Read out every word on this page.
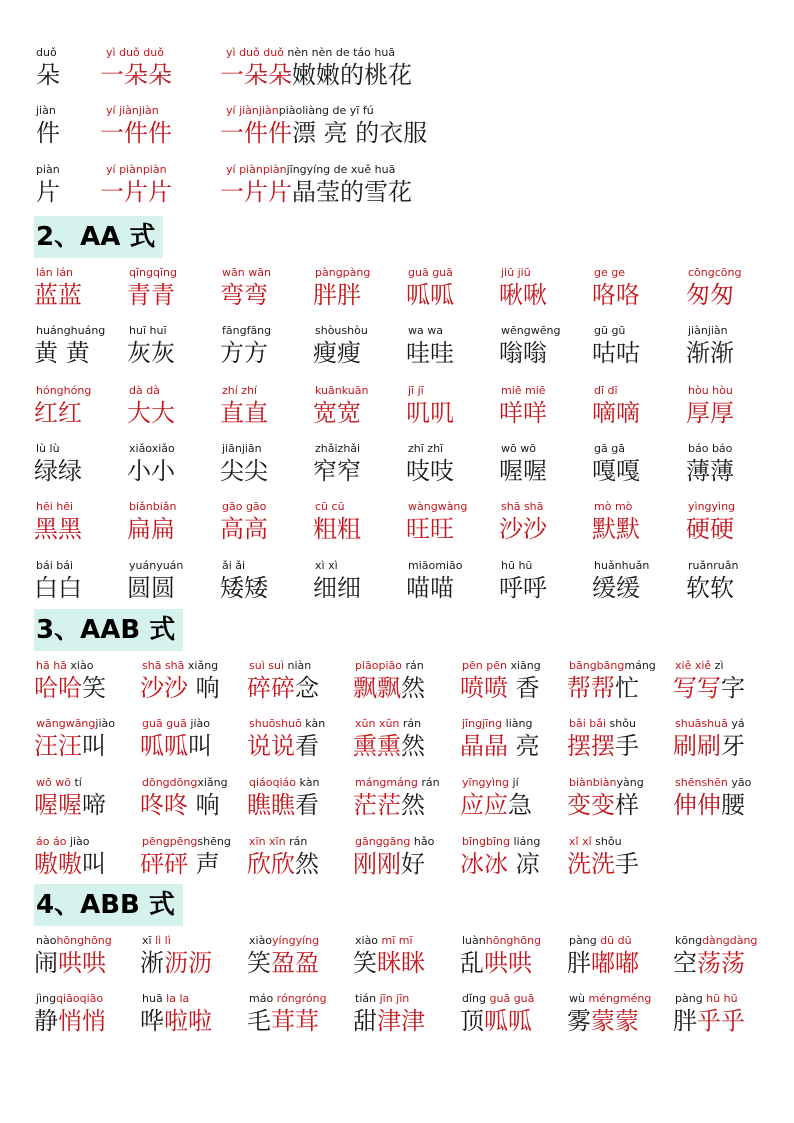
duǒ
朵
yì duǒ duǒ
一朵朵
yì duǒ duǒ nèn nèn de táo huā
一朵朵嫩嫩的桃花
jiàn
件
yí jiànjiàn
一件件
yí jiànjiànpiàoliàng de yī fú
一件件漂 亮 的衣服
piàn
片
yí piànpiàn
一片片
yí piànpiànjīngyíng de xuě huā
一片片晶莹的雪花
2、AA 式
lán lán
蓝蓝
qīngqīng
青青
wān wān
弯弯
pàngpàng
胖胖
guā guā
呱呱
jiū jiū
啾啾
ge ge
咯咯
cōngcōng
匆匆
huánghuáng
黄 黄
huī huī
灰灰
fāngfāng
方方
shòushòu
瘦瘦
wa wa
哇哇
wēngwēng
嗡嗡
gū gū
咕咕
jiànjiàn
渐渐
hónghóng
红红
dà dà
大大
zhí zhí
直直
kuānkuān
宽宽
jī jī
叽叽
miē miē
咩咩
dī dī
嘀嘀
hòu hòu
厚厚
lù lù
绿绿
xiǎoxiǎo
小小
jiānjiān
尖尖
zhǎizhǎi
窄窄
zhī zhī
吱吱
wō wō
喔喔
gā gā
嘎嘎
báo báo
薄薄
hēi hēi
黑黑
biǎnbiǎn
扁扁
gāo gāo
高高
cū cū
粗粗
wàngwàng
旺旺
shā shā
沙沙
mò mò
默默
yìngyìng
硬硬
bái bái
白白
yuányuán
圆圆
ǎi ǎi
矮矮
xì xì
细细
miāomiāo
喵喵
hū hū
呼呼
huǎnhuǎn
缓缓
ruǎnruǎn
软软
3、AAB 式
hā hā xiào
哈哈笑
shā shā xiǎng
沙沙 响
suì suì niàn
碎碎念
piāopiāo rán
飘飘然
pēn pēn xiāng
喷喷 香
bāngbāngmáng
帮帮忙
xiě xiě zì
写写字
wāngwāngjiào
汪汪叫
guā guā jiào
呱呱叫
shuōshuō kàn
说说看
xūn xūn rán
熏熏然
jīngjīng liàng
晶晶 亮
bǎi bǎi shǒu
摆摆手
shuāshuā yá
刷刷牙
wō wō tí
喔喔啼
dōngdōngxiǎng
咚咚 响
qiáoqiáo kàn
瞧瞧看
mángmáng rán
茫茫然
yīngyìng jí
应应急
biànbiànyàng
变变样
shēnshēn yāo
伸伸腰
áo áo jiào
嗷嗷叫
pēngpēngshēng
砰砰 声
xīn xīn rán
欣欣然
gānggāng hǎo
刚刚好
bīngbīng liáng
冰冰 凉
xǐ xǐ shǒu
洗洗手
4、ABB 式
nàohōnghōng
闹哄哄
xī lì lì
淅沥沥
xiàoyíngyíng
笑盈盈
xiào mī mī
笑眯眯
luànhōnghōng
乱哄哄
pàng dū dū
胖嘟嘟
kōngdàngdàng
空荡荡
jìngqiāoqiāo
静悄悄
huā la la
哗啦啦
máo róngróng
毛茸茸
tián jīn jīn
甜津津
dǐng guā guā
顶呱呱
wù méngméng
雾蒙蒙
pàng hū hū
胖乎乎
